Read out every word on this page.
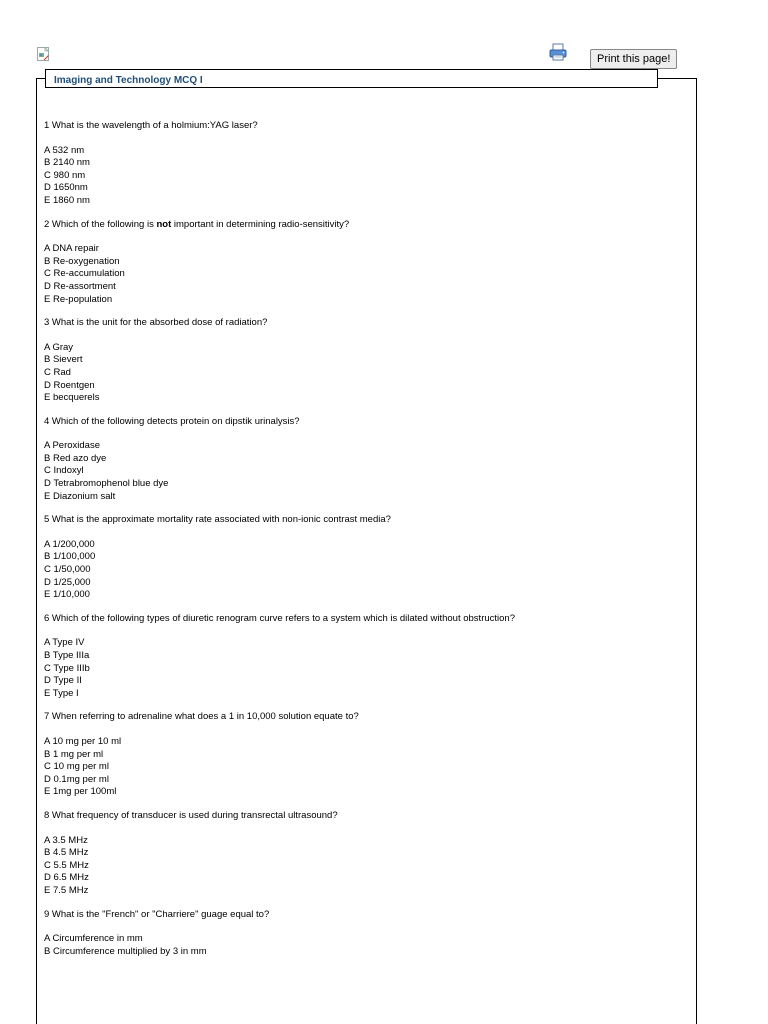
Print this page!
Imaging and Technology MCQ I
1 What is the wavelength of a holmium:YAG laser?
A 532 nm
B 2140 nm
C 980 nm
D 1650nm
E 1860 nm
2 Which of the following is not important in determining radio-sensitivity?
A DNA repair
B Re-oxygenation
C Re-accumulation
D Re-assortment
E Re-population
3 What is the unit for the absorbed dose of radiation?
A Gray
B Sievert
C Rad
D Roentgen
E becquerels
4 Which of the following detects protein on dipstik urinalysis?
A Peroxidase
B Red azo dye
C Indoxyl
D Tetrabromophenol blue dye
E Diazonium salt
5 What is the approximate mortality rate associated with non-ionic contrast media?
A 1/200,000
B 1/100,000
C 1/50,000
D 1/25,000
E 1/10,000
6 Which of the following types of diuretic renogram curve refers to a system which is dilated without obstruction?
A Type IV
B Type IIIa
C Type IIIb
D Type II
E Type I
7 When referring to adrenaline what does a 1 in 10,000 solution equate to?
A 10 mg per 10 ml
B 1 mg per ml
C 10 mg per ml
D 0.1mg per ml
E 1mg per 100ml
8 What frequency of transducer is used during transrectal ultrasound?
A 3.5 MHz
B 4.5 MHz
C 5.5 MHz
D 6.5 MHz
E 7.5 MHz
9 What is the "French" or "Charriere" guage equal to?
A Circumference in mm
B Circumference multiplied by 3 in mm
